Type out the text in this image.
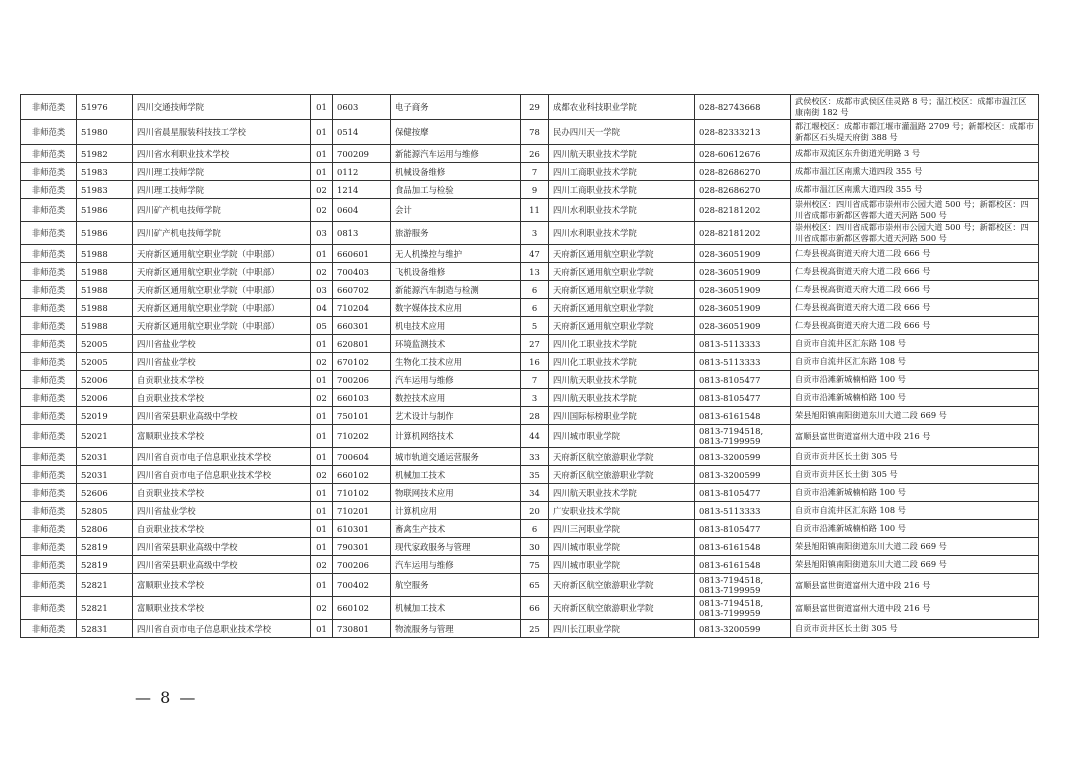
非师范类	51976	四川交通技师学院	01	0603	电子商务	29	成都农业科技职业学院	028-82743668	武侯校区：成都市武侯区佳灵路 8 号；温江校区：成都市温江区康南街 182 号
非师范类	51980	四川省晨星服装科技技工学校	01	0514	保健按摩	78	民办四川天一学院	028-82333213	都江堰校区：成都市都江堰市灌温路 2709 号；新都校区：成都市新都区石头堤天府街 388 号
非师范类	51982	四川省水利职业技术学校	01	700209	新能源汽车运用与维修	26	四川航天职业技术学院	028-60612676	成都市双流区东升街道光明路 3 号
非师范类	51983	四川理工技师学院	01	0112	机械设备维修	7	四川工商职业技术学院	028-82686270	成都市温江区南熏大道四段 355 号
非师范类	51983	四川理工技师学院	02	1214	食品加工与检验	9	四川工商职业技术学院	028-82686270	成都市温江区南熏大道四段 355 号
非师范类	51986	四川矿产机电技师学院	02	0604	会计	11	四川水利职业技术学院	028-82181202	崇州校区：四川省成都市崇州市公园大道 500 号；新都校区：四川省成都市新都区蓉都大道天河路 500 号
非师范类	51986	四川矿产机电技师学院	03	0813	旅游服务	3	四川水利职业技术学院	028-82181202	崇州校区：四川省成都市崇州市公园大道 500 号；新都校区：四川省成都市新都区蓉都大道天河路 500 号
非师范类	51988	天府新区通用航空职业学院（中职部）	01	660601	无人机操控与维护	47	天府新区通用航空职业学院	028-36051909	仁寿县视高街道天府大道二段 666 号
非师范类	51988	天府新区通用航空职业学院（中职部）	02	700403	飞机设备维修	13	天府新区通用航空职业学院	028-36051909	仁寿县视高街道天府大道二段 666 号
非师范类	51988	天府新区通用航空职业学院（中职部）	03	660702	新能源汽车制造与检测	6	天府新区通用航空职业学院	028-36051909	仁寿县视高街道天府大道二段 666 号
非师范类	51988	天府新区通用航空职业学院（中职部）	04	710204	数字媒体技术应用	6	天府新区通用航空职业学院	028-36051909	仁寿县视高街道天府大道二段 666 号
非师范类	51988	天府新区通用航空职业学院（中职部）	05	660301	机电技术应用	5	天府新区通用航空职业学院	028-36051909	仁寿县视高街道天府大道二段 666 号
非师范类	52005	四川省盐业学校	01	620801	环境监测技术	27	四川化工职业技术学院	0813-5113333	自贡市自流井区汇东路 108 号
非师范类	52005	四川省盐业学校	02	670102	生物化工技术应用	16	四川化工职业技术学院	0813-5113333	自贡市自流井区汇东路 108 号
非师范类	52006	自贡职业技术学校	01	700206	汽车运用与维修	7	四川航天职业技术学院	0813-8105477	自贡市沿滩新城楠柏路 100 号
非师范类	52006	自贡职业技术学校	02	660103	数控技术应用	3	四川航天职业技术学院	0813-8105477	自贡市沿滩新城楠柏路 100 号
非师范类	52019	四川省荣县职业高级中学校	01	750101	艺术设计与制作	28	四川国际标榜职业学院	0813-6161548	荣县旭阳镇南阳街道东川大道二段 669 号
非师范类	52021	富顺职业技术学校	01	710202	计算机网络技术	44	四川城市职业学院	0813-7194518,
0813-7199959	富顺县富世街道富州大道中段 216 号
非师范类	52031	四川省自贡市电子信息职业技术学校	01	700604	城市轨道交通运营服务	33	天府新区航空旅游职业学院	0813-3200599	自贡市贡井区长土街 305 号
非师范类	52031	四川省自贡市电子信息职业技术学校	02	660102	机械加工技术	35	天府新区航空旅游职业学院	0813-3200599	自贡市贡井区长土街 305 号
非师范类	52606	自贡职业技术学校	01	710102	物联网技术应用	34	四川航天职业技术学院	0813-8105477	自贡市沿滩新城楠柏路 100 号
非师范类	52805	四川省盐业学校	01	710201	计算机应用	20	广安职业技术学院	0813-5113333	自贡市自流井区汇东路 108 号
非师范类	52806	自贡职业技术学校	01	610301	畜禽生产技术	6	四川三河职业学院	0813-8105477	自贡市沿滩新城楠柏路 100 号
非师范类	52819	四川省荣县职业高级中学校	01	790301	现代家政服务与管理	30	四川城市职业学院	0813-6161548	荣县旭阳镇南阳街道东川大道二段 669 号
非师范类	52819	四川省荣县职业高级中学校	02	700206	汽车运用与维修	75	四川城市职业学院	0813-6161548	荣县旭阳镇南阳街道东川大道二段 669 号
非师范类	52821	富顺职业技术学校	01	700402	航空服务	65	天府新区航空旅游职业学院	0813-7194518,
0813-7199959	富顺县富世街道富州大道中段 216 号
非师范类	52821	富顺职业技术学校	02	660102	机械加工技术	66	天府新区航空旅游职业学院	0813-7194518,
0813-7199959	富顺县富世街道富州大道中段 216 号
非师范类	52831	四川省自贡市电子信息职业技术学校	01	730801	物流服务与管理	25	四川长江职业学院	0813-3200599	自贡市贡井区长土街 305 号
— 8 —
